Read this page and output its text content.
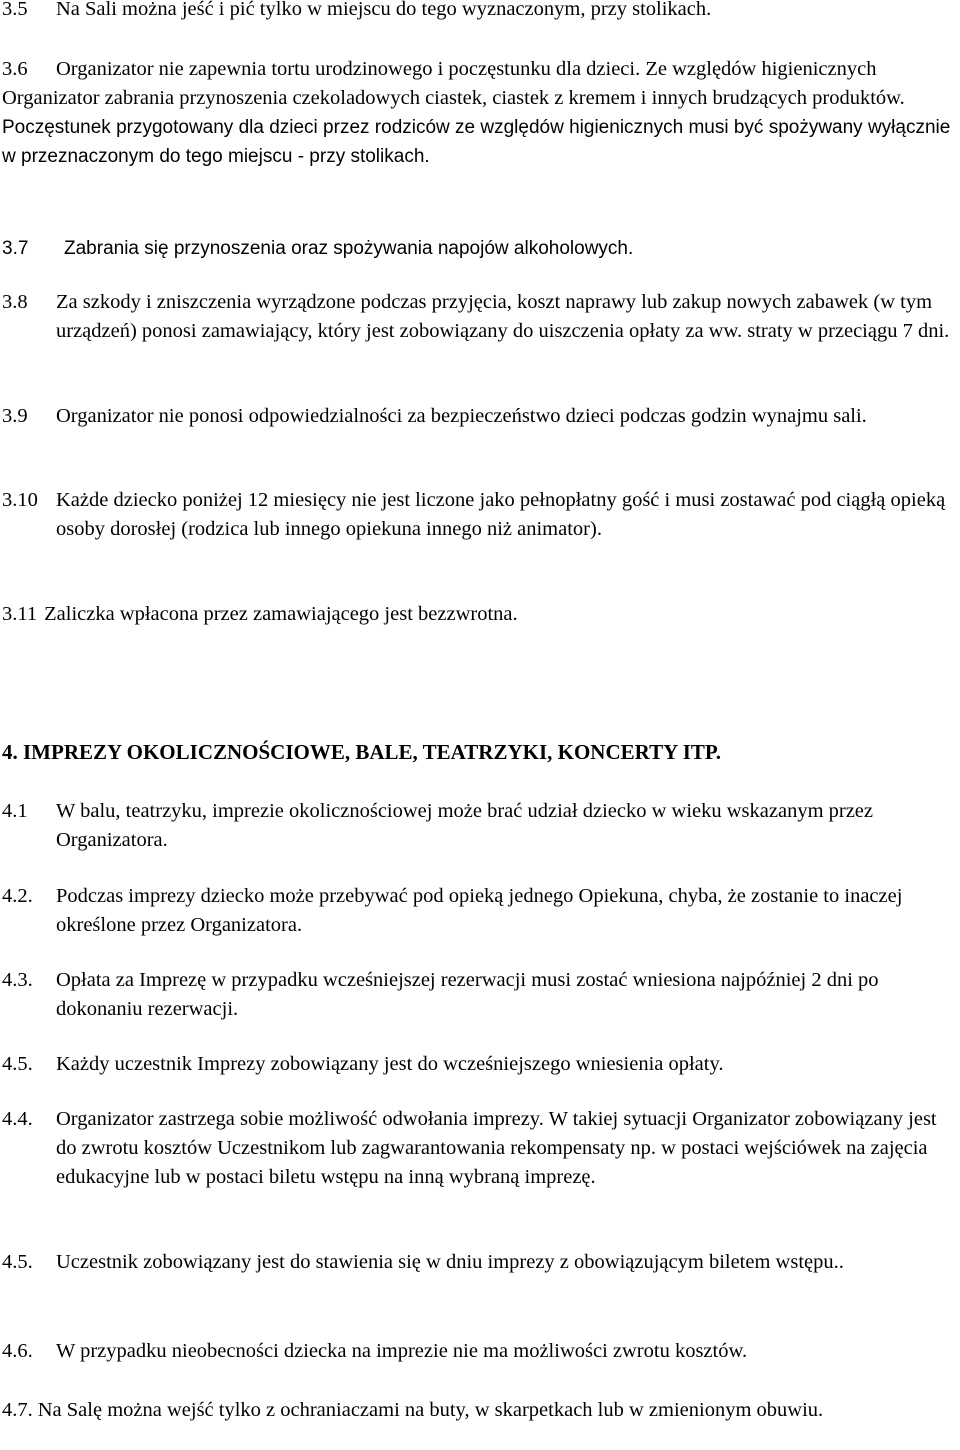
3.5	Na Sali można jeść i pić tylko w miejscu do tego wyznaczonym, przy stolikach.
3.6	Organizator nie zapewnia tortu urodzinowego i poczęstunku dla dzieci. Ze względów higienicznych Organizator zabrania przynoszenia czekoladowych ciastek, ciastek z kremem i innych brudzących produktów. Poczęstunek przygotowany dla dzieci przez rodziców ze względów higienicznych musi być spożywany wyłącznie w przeznaczonym do tego miejscu - przy stolikach.
3.7	Zabrania się przynoszenia oraz spożywania napojów alkoholowych.
3.8	Za szkody i zniszczenia wyrządzone podczas przyjęcia, koszt naprawy lub zakup nowych zabawek (w tym urządzeń) ponosi zamawiający, który jest zobowiązany do uiszczenia opłaty za ww. straty w przeciągu 7 dni.
3.9	Organizator nie ponosi odpowiedzialności za bezpieczeństwo dzieci podczas godzin wynajmu sali.
3.10 Każde dziecko poniżej 12 miesięcy nie jest liczone jako pełnopłatny gość i musi zostawać pod ciągłą opieką osoby dorosłej (rodzica lub innego opiekuna innego niż animator).
3.11 Zaliczka wpłacona przez zamawiającego jest bezzwrotna.
4. IMPREZY OKOLICZNOŚCIOWE, BALE, TEATRZYKI, KONCERTY ITP.
4.1	W balu, teatrzyku, imprezie okolicznościowej może brać udział dziecko w wieku wskazanym przez Organizatora.
4.2.	Podczas imprezy dziecko może przebywać pod opieką jednego Opiekuna, chyba, że zostanie to inaczej określone przez Organizatora.
4.3.	Opłata za Imprezę w przypadku wcześniejszej rezerwacji musi zostać wniesiona najpóźniej 2 dni po dokonaniu rezerwacji.
4.5.	Każdy uczestnik Imprezy zobowiązany jest do wcześniejszego wniesienia opłaty.
4.4.	Organizator zastrzega sobie możliwość odwołania imprezy. W takiej sytuacji Organizator zobowiązany jest do zwrotu kosztów Uczestnikom lub zagwarantowania rekompensaty np. w postaci wejściówek na zajęcia edukacyjne lub w postaci biletu wstępu na inną wybraną imprezę.
4.5.	Uczestnik zobowiązany jest do stawienia się w dniu imprezy z obowiązującym biletem wstępu..
4.6.	W przypadku nieobecności dziecka na imprezie nie ma możliwości zwrotu kosztów.
4.7. Na Salę można wejść tylko z ochraniaczami na buty, w skarpetkach lub w zmienionym obuwiu.
